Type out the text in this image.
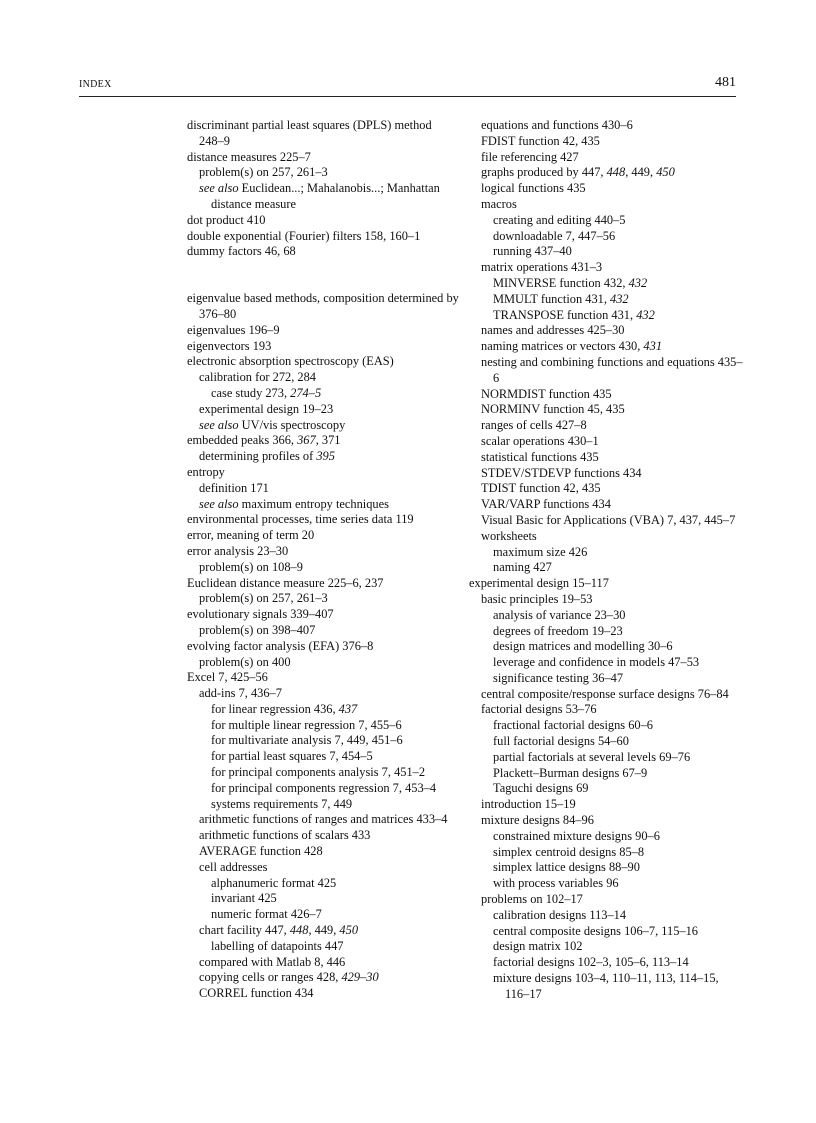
INDEX	481
discriminant partial least squares (DPLS) method 248–9
distance measures 225–7
problem(s) on 257, 261–3
see also Euclidean...; Mahalanobis...; Manhattan distance measure
dot product 410
double exponential (Fourier) filters 158, 160–1
dummy factors 46, 68
eigenvalue based methods, composition determined by 376–80
eigenvalues 196–9
eigenvectors 193
electronic absorption spectroscopy (EAS)
calibration for 272, 284
case study 273, 274–5
experimental design 19–23
see also UV/vis spectroscopy
embedded peaks 366, 367, 371
determining profiles of 395
entropy
definition 171
see also maximum entropy techniques
environmental processes, time series data 119
error, meaning of term 20
error analysis 23–30
problem(s) on 108–9
Euclidean distance measure 225–6, 237
problem(s) on 257, 261–3
evolutionary signals 339–407
problem(s) on 398–407
evolving factor analysis (EFA) 376–8
problem(s) on 400
Excel 7, 425–56
add-ins 7, 436–7
for linear regression 436, 437
for multiple linear regression 7, 455–6
for multivariate analysis 7, 449, 451–6
for partial least squares 7, 454–5
for principal components analysis 7, 451–2
for principal components regression 7, 453–4
systems requirements 7, 449
arithmetic functions of ranges and matrices 433–4
arithmetic functions of scalars 433
AVERAGE function 428
cell addresses
alphanumeric format 425
invariant 425
numeric format 426–7
chart facility 447, 448, 449, 450
labelling of datapoints 447
compared with Matlab 8, 446
copying cells or ranges 428, 429–30
CORREL function 434
equations and functions 430–6
FDIST function 42, 435
file referencing 427
graphs produced by 447, 448, 449, 450
logical functions 435
macros
creating and editing 440–5
downloadable 7, 447–56
running 437–40
matrix operations 431–3
MINVERSE function 432, 432
MMULT function 431, 432
TRANSPOSE function 431, 432
names and addresses 425–30
naming matrices or vectors 430, 431
nesting and combining functions and equations 435–6
NORMDIST function 435
NORMINV function 45, 435
ranges of cells 427–8
scalar operations 430–1
statistical functions 435
STDEV/STDEVP functions 434
TDIST function 42, 435
VAR/VARP functions 434
Visual Basic for Applications (VBA) 7, 437, 445–7
worksheets
maximum size 426
naming 427
experimental design 15–117
basic principles 19–53
analysis of variance 23–30
degrees of freedom 19–23
design matrices and modelling 30–6
leverage and confidence in models 47–53
significance testing 36–47
central composite/response surface designs 76–84
factorial designs 53–76
fractional factorial designs 60–6
full factorial designs 54–60
partial factorials at several levels 69–76
Plackett–Burman designs 67–9
Taguchi designs 69
introduction 15–19
mixture designs 84–96
constrained mixture designs 90–6
simplex centroid designs 85–8
simplex lattice designs 88–90
with process variables 96
problems on 102–17
calibration designs 113–14
central composite designs 106–7, 115–16
design matrix 102
factorial designs 102–3, 105–6, 113–14
mixture designs 103–4, 110–11, 113, 114–15, 116–17
